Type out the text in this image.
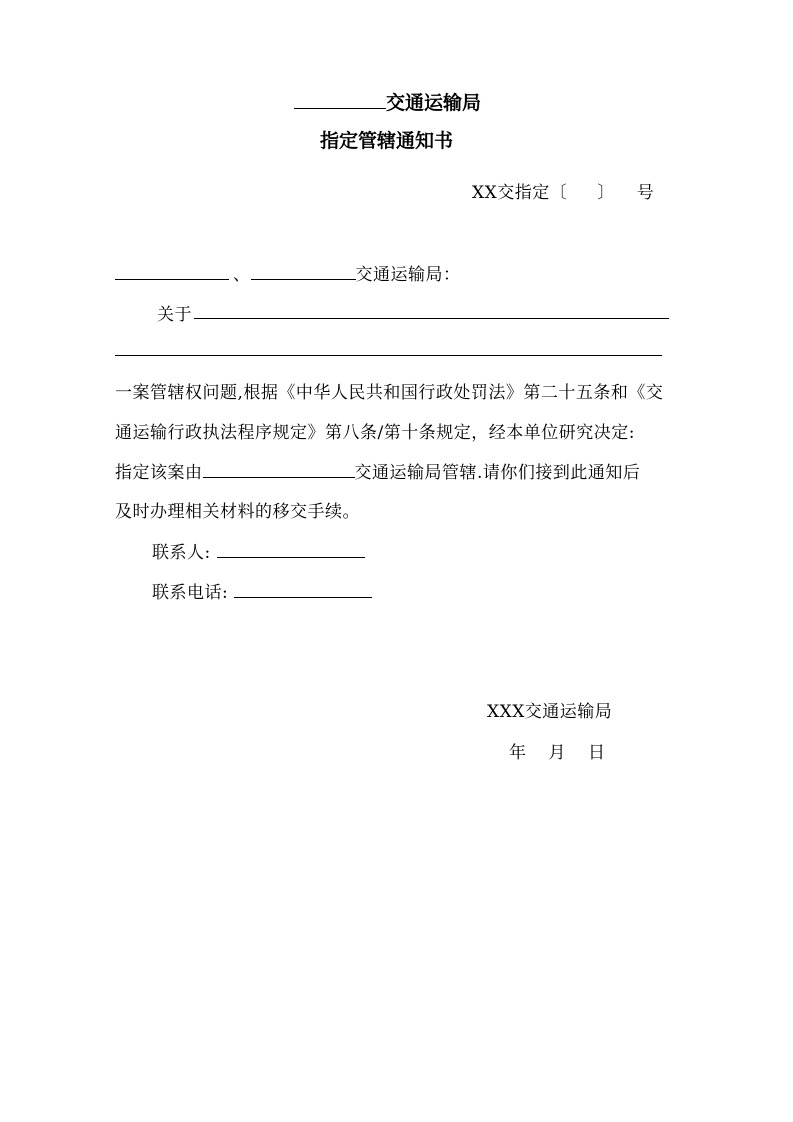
交通运输局
指定管辖通知书
XX交指定〔 〕 号
、	交通运输局：
关于
一案管辖权问题,根据《中华人民共和国行政处罚法》第二十五条和《交
通运输行政执法程序规定》第八条/第十条规定，经本单位研究决定:
指定该案由	交通运输局管辖.请你们接到此通知后
及时办理相关材料的移交手续。
联系人:
联系电话:
XXX交通运输局
年 月 日
